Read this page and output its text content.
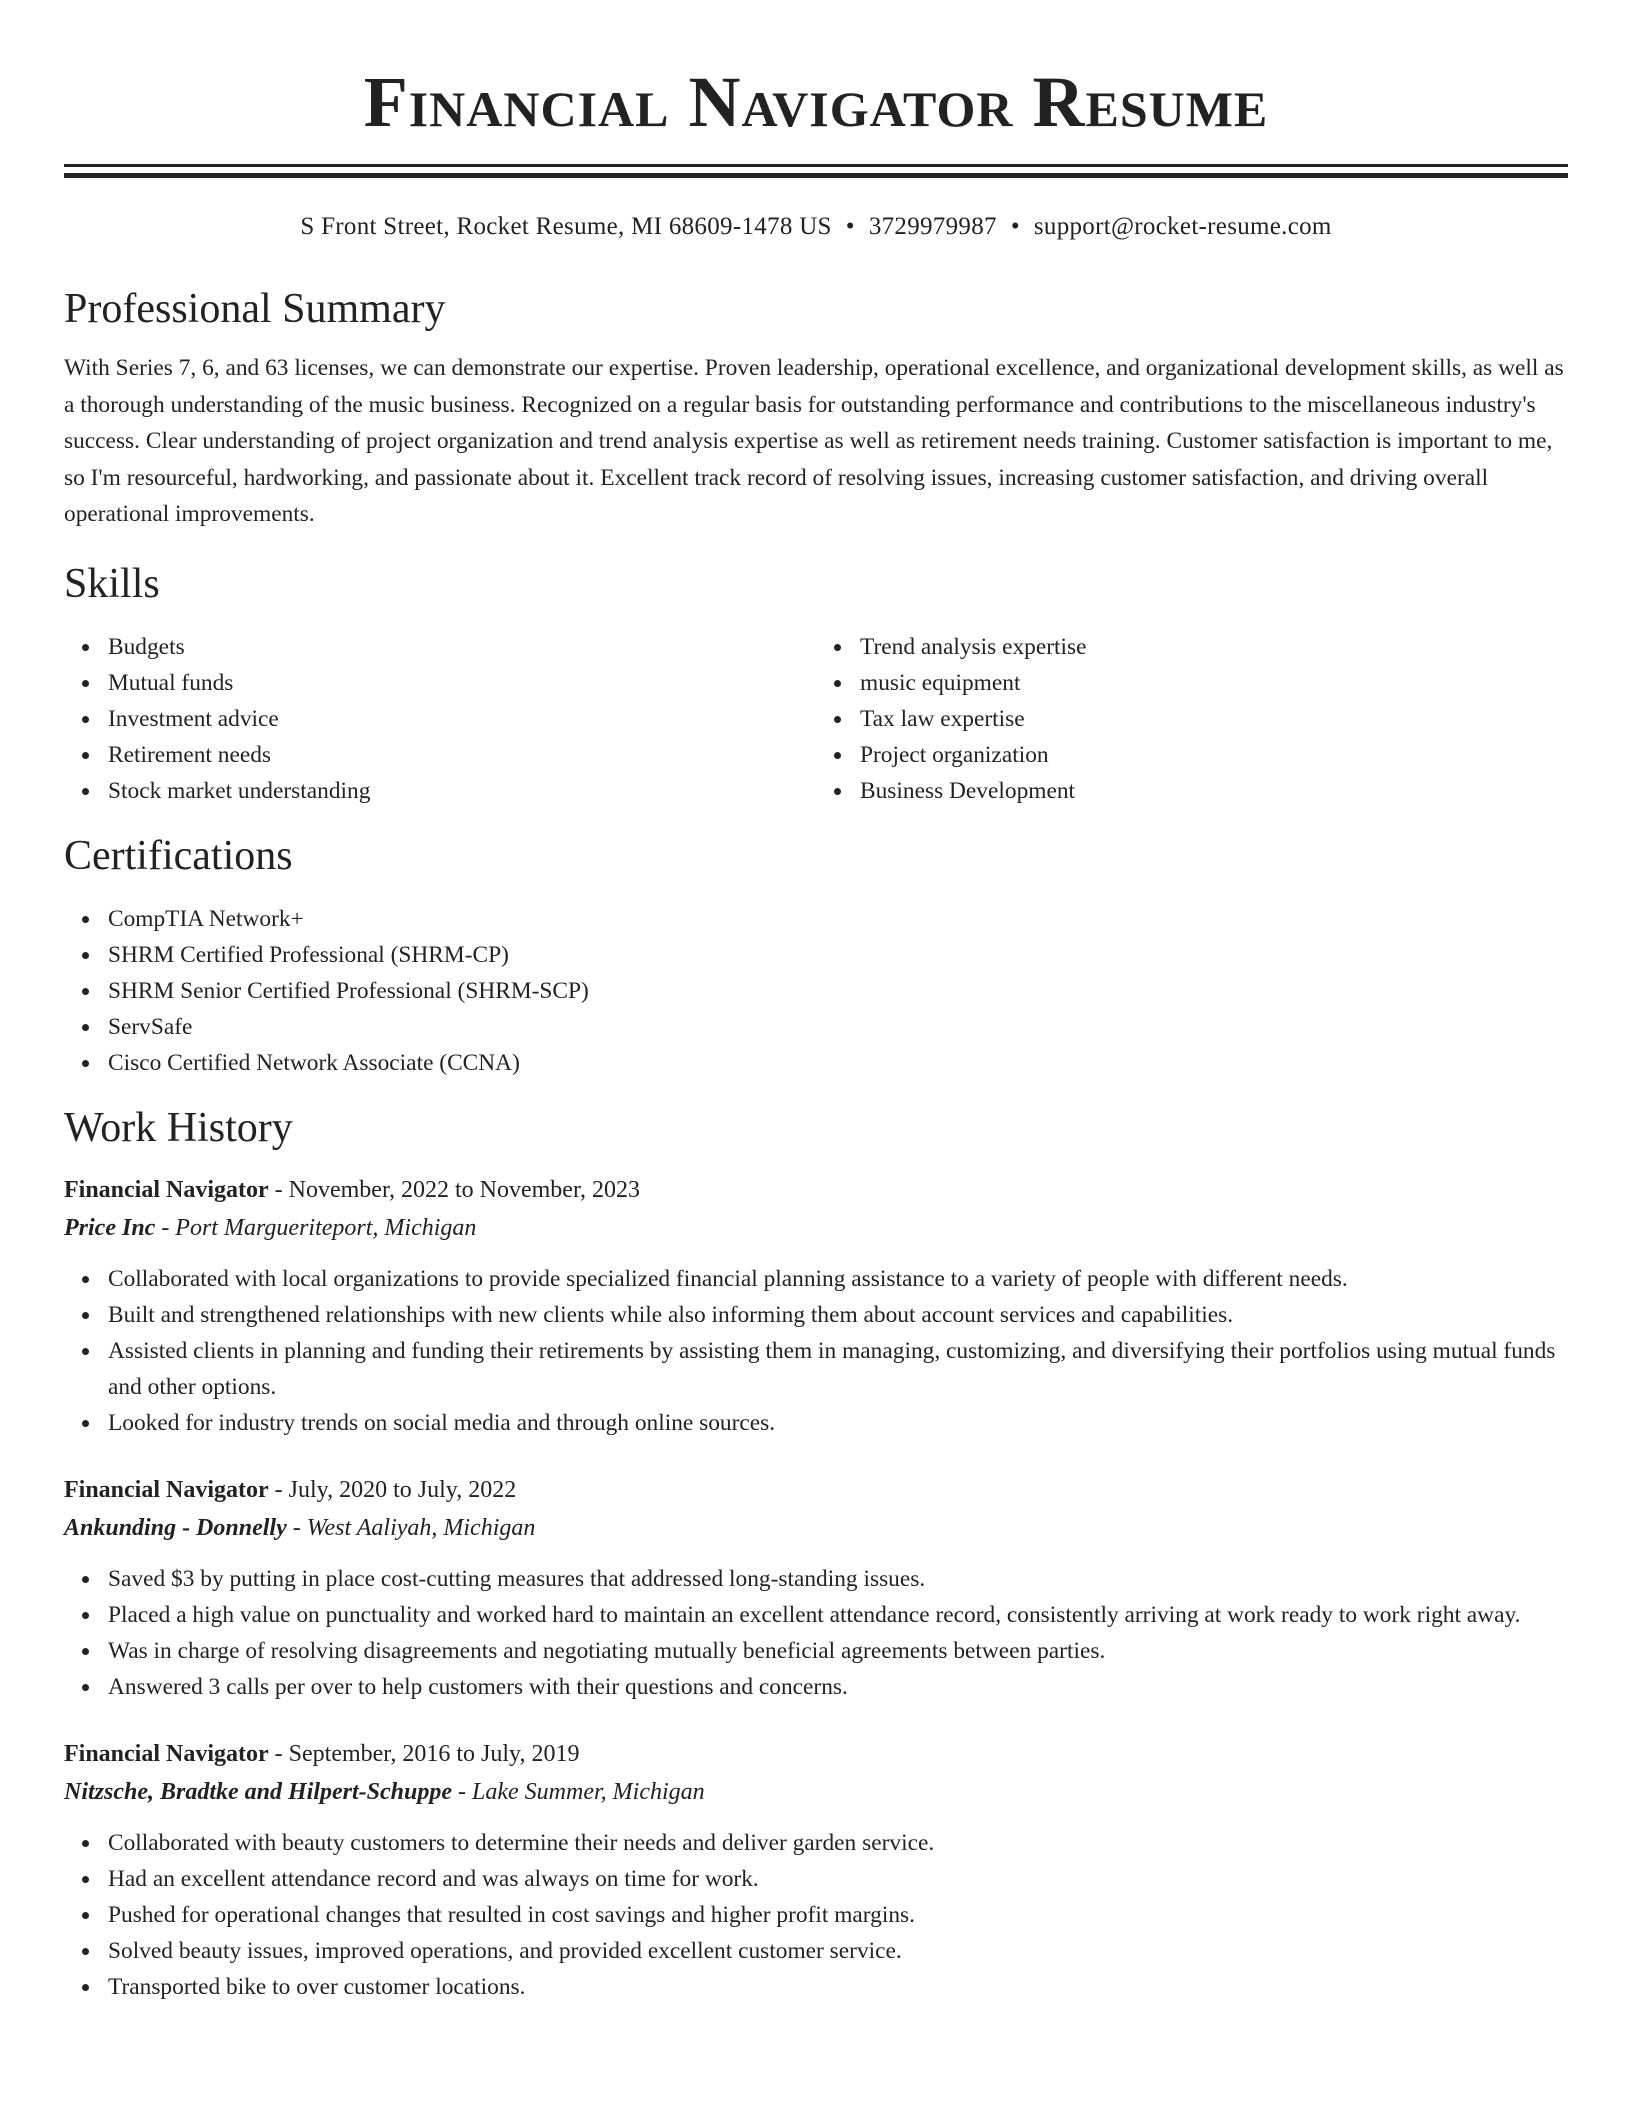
Financial Navigator Resume
S Front Street, Rocket Resume, MI 68609-1478 US • 3729979987 • support@rocket-resume.com
Professional Summary

With Series 7, 6, and 63 licenses, we can demonstrate our expertise. Proven leadership, operational excellence, and organizational development skills, as well as a thorough understanding of the music business. Recognized on a regular basis for outstanding performance and contributions to the miscellaneous industry's success. Clear understanding of project organization and trend analysis expertise as well as retirement needs training. Customer satisfaction is important to me, so I'm resourceful, hardworking, and passionate about it. Excellent track record of resolving issues, increasing customer satisfaction, and driving overall operational improvements.

Skills
Budgets
Mutual funds
Investment advice
Retirement needs
Stock market understanding
Trend analysis expertise
music equipment
Tax law expertise
Project organization
Business Development
Certifications
CompTIA Network+
SHRM Certified Professional (SHRM-CP)
SHRM Senior Certified Professional (SHRM-SCP)
ServSafe
Cisco Certified Network Associate (CCNA)
Work History
Financial Navigator - November, 2022 to November, 2023
Price Inc - Port Margueriteport, Michigan
Collaborated with local organizations to provide specialized financial planning assistance to a variety of people with different needs.
Built and strengthened relationships with new clients while also informing them about account services and capabilities.
Assisted clients in planning and funding their retirements by assisting them in managing, customizing, and diversifying their portfolios using mutual funds and other options.
Looked for industry trends on social media and through online sources.
Financial Navigator - July, 2020 to July, 2022
Ankunding - Donnelly - West Aaliyah, Michigan
Saved $3 by putting in place cost-cutting measures that addressed long-standing issues.
Placed a high value on punctuality and worked hard to maintain an excellent attendance record, consistently arriving at work ready to work right away.
Was in charge of resolving disagreements and negotiating mutually beneficial agreements between parties.
Answered 3 calls per over to help customers with their questions and concerns.
Financial Navigator - September, 2016 to July, 2019
Nitzsche, Bradtke and Hilpert-Schuppe - Lake Summer, Michigan
Collaborated with beauty customers to determine their needs and deliver garden service.
Had an excellent attendance record and was always on time for work.
Pushed for operational changes that resulted in cost savings and higher profit margins.
Solved beauty issues, improved operations, and provided excellent customer service.
Transported bike to over customer locations.
